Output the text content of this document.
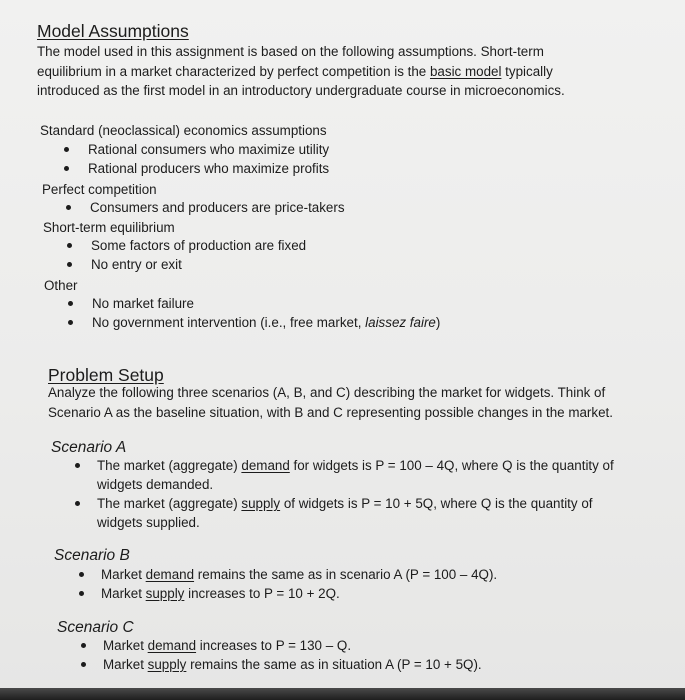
Model Assumptions
The model used in this assignment is based on the following assumptions. Short-term
equilibrium in a market characterized by perfect competition is the basic model typically
introduced as the first model in an introductory undergraduate course in microeconomics.
Standard (neoclassical) economics assumptions
Rational consumers who maximize utility
Rational producers who maximize profits
Perfect competition
Consumers and producers are price-takers
Short-term equilibrium
Some factors of production are fixed
No entry or exit
Other
No market failure
No government intervention (i.e., free market, laissez faire)
Problem Setup
Analyze the following three scenarios (A, B, and C) describing the market for widgets. Think of
Scenario A as the baseline situation, with B and C representing possible changes in the market.
Scenario A
The market (aggregate) demand for widgets is P = 100 – 4Q, where Q is the quantity of
widgets demanded.
The market (aggregate) supply of widgets is P = 10 + 5Q, where Q is the quantity of
widgets supplied.
Scenario B
Market demand remains the same as in scenario A (P = 100 – 4Q).
Market supply increases to P = 10 + 2Q.
Scenario C
Market demand increases to P = 130 – Q.
Market supply remains the same as in situation A (P = 10 + 5Q).
